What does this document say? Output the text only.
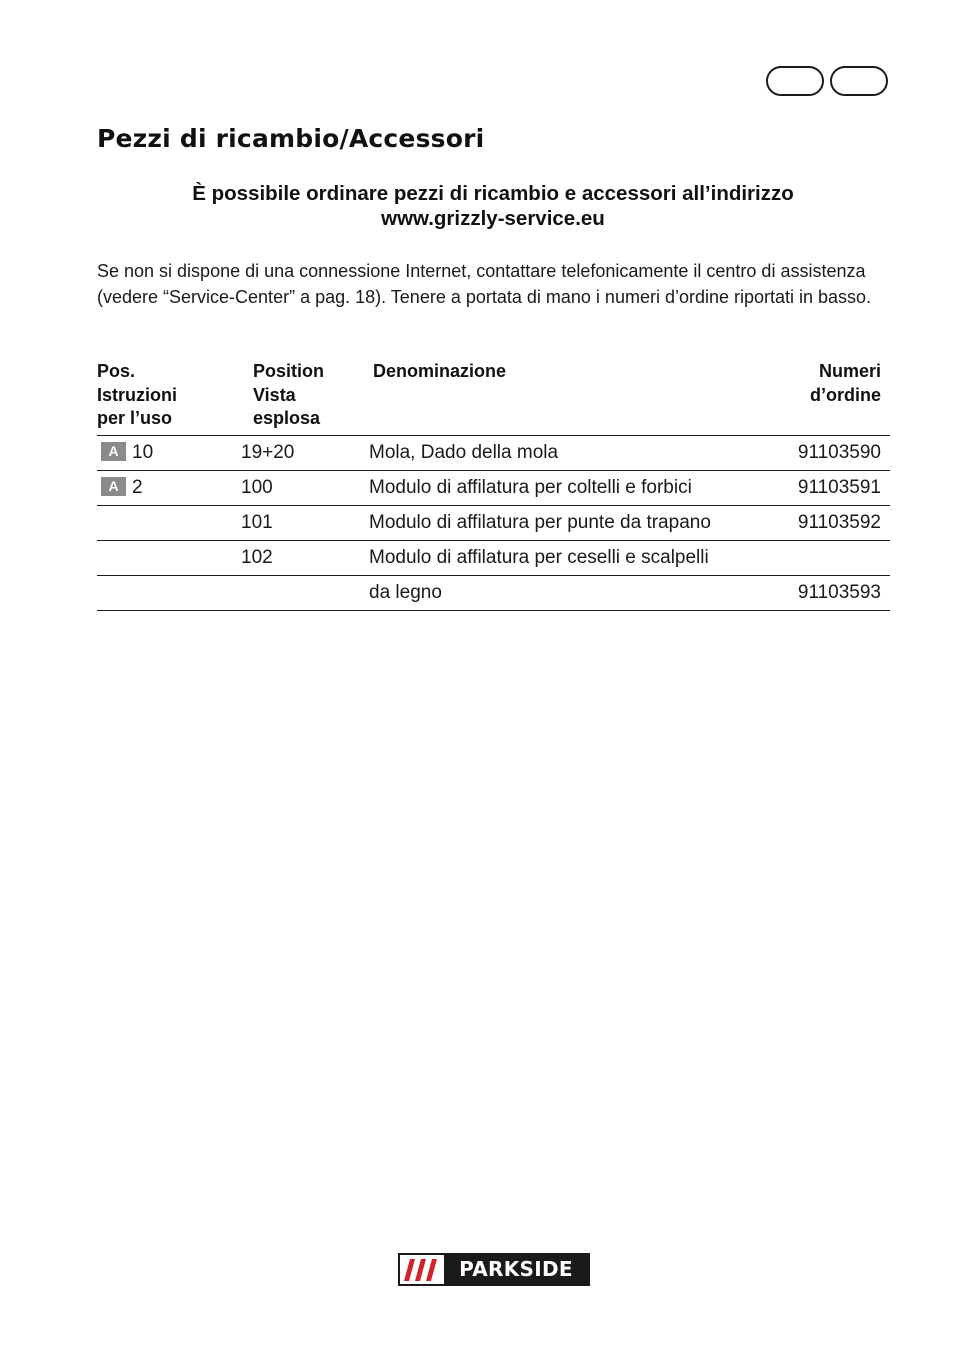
Pezzi di ricambio/Accessori
È possibile ordinare pezzi di ricambio e accessori all’indirizzo
www.grizzly-service.eu

Se non si dispone di una connessione Internet, contattare telefonicamente il centro di assistenza (vedere “Service-Center” a pag. 18). Tenere a portata di mano i numeri d’ordine riportati in basso.

Pos.
Istruzioni
per l’uso	Position
Vista
esplosa	Denominazione	Numeri
d’ordine

A 10	19+20	Mola, Dado della mola	91103590
A 2	100	Modulo di affilatura per coltelli e forbici	91103591
	101	Modulo di affilatura per punte da trapano	91103592
	102	Modulo di affilatura per ceselli e scalpelli	
		da legno	91103593
PARKSIDE
